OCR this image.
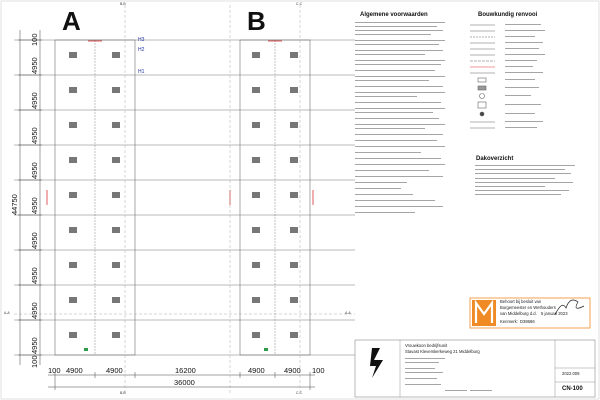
A	B
H3
H2
H1
B-B	C-C
A-A	A-A
B-B	C-C
44750
100
4950
4950
4950
4950
4950
4950
4950
4950
4950
100
100 4900	4900	16200	4900	4900 100
36000
Algemene voorwaarden	Bouwkundig renvooi
Dakoverzicht
Behoort bij besluit van
Burgemeester en Wethouders
van Middelburg d.d. 5 januari 2023
Kenmerk: D38686
Vrouwkoon bedrijfsunit
Stavast Kleverskerkeweg 21 Middelburg
2022.009
CN-100
